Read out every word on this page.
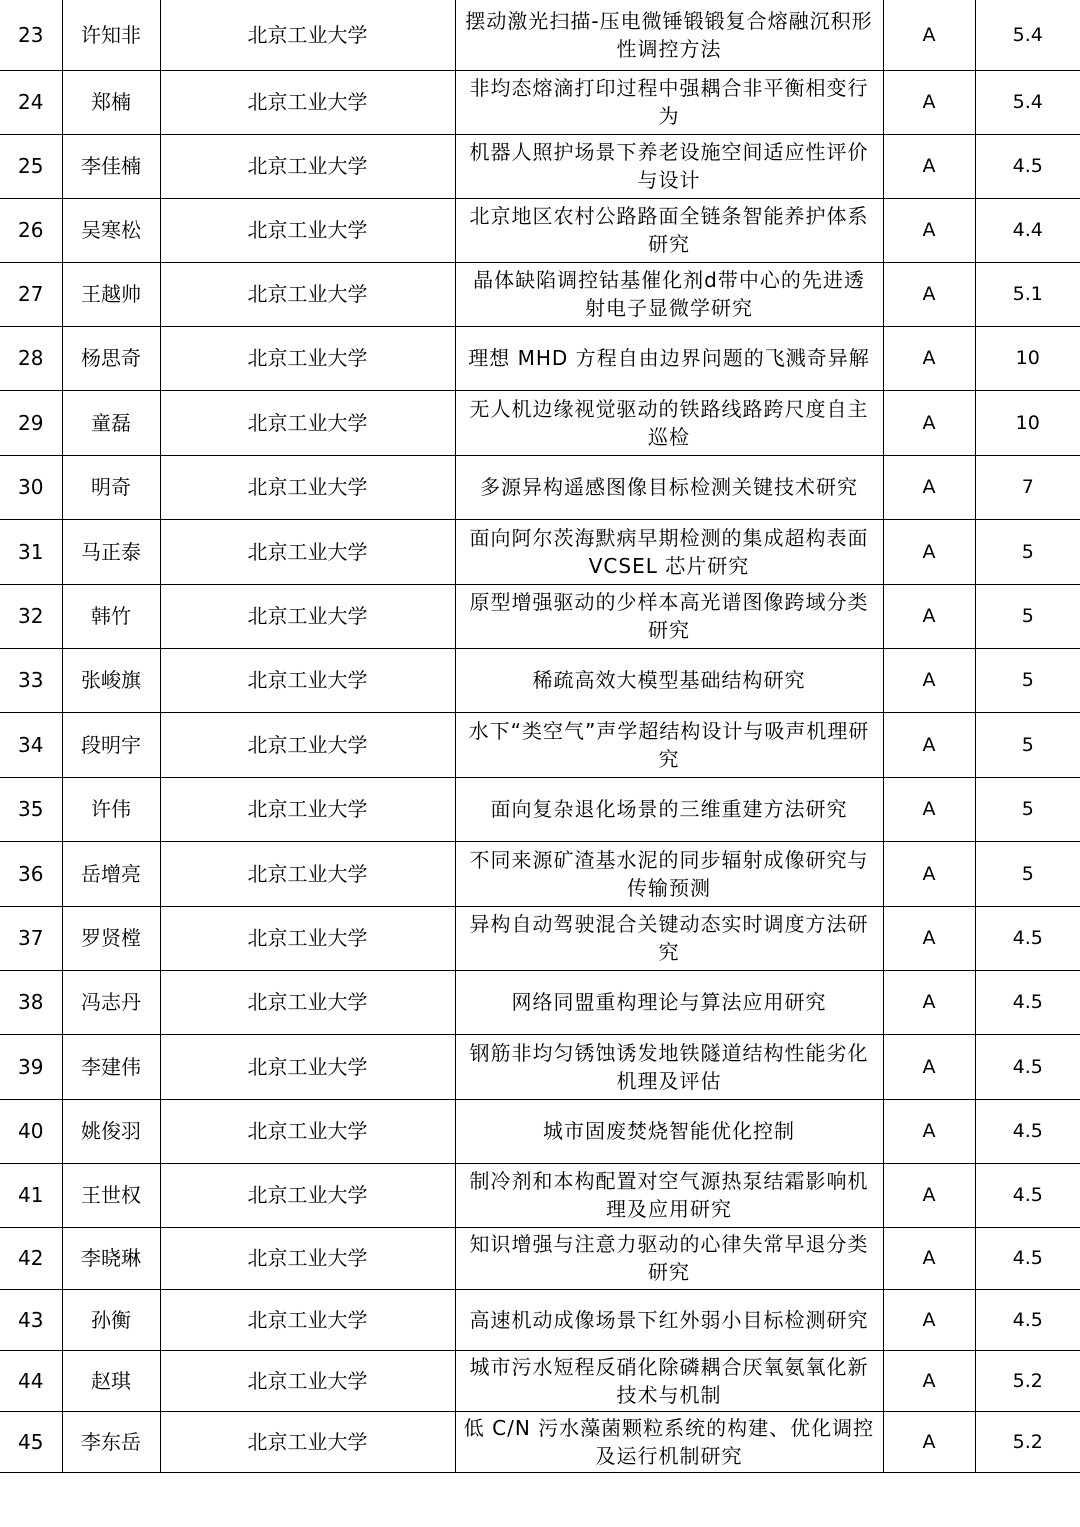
23	许知非	北京工业大学	摆动激光扫描-压电微锤锻锻复合熔融沉积形性调控方法	A	5.4
24	郑楠	北京工业大学	非均态熔滴打印过程中强耦合非平衡相变行为	A	5.4
25	李佳楠	北京工业大学	机器人照护场景下养老设施空间适应性评价与设计	A	4.5
26	吴寒松	北京工业大学	北京地区农村公路路面全链条智能养护体系研究	A	4.4
27	王越帅	北京工业大学	晶体缺陷调控钴基催化剂d带中心的先进透射电子显微学研究	A	5.1
28	杨思奇	北京工业大学	理想 MHD 方程自由边界问题的飞溅奇异解	A	10
29	童磊	北京工业大学	无人机边缘视觉驱动的铁路线路跨尺度自主巡检	A	10
30	明奇	北京工业大学	多源异构遥感图像目标检测关键技术研究	A	7
31	马正泰	北京工业大学	面向阿尔茨海默病早期检测的集成超构表面 VCSEL 芯片研究	A	5
32	韩竹	北京工业大学	原型增强驱动的少样本高光谱图像跨域分类研究	A	5
33	张峻旗	北京工业大学	稀疏高效大模型基础结构研究	A	5
34	段明宇	北京工业大学	水下“类空气”声学超结构设计与吸声机理研究	A	5
35	许伟	北京工业大学	面向复杂退化场景的三维重建方法研究	A	5
36	岳增亮	北京工业大学	不同来源矿渣基水泥的同步辐射成像研究与传输预测	A	5
37	罗贤樘	北京工业大学	异构自动驾驶混合关键动态实时调度方法研究	A	4.5
38	冯志丹	北京工业大学	网络同盟重构理论与算法应用研究	A	4.5
39	李建伟	北京工业大学	钢筋非均匀锈蚀诱发地铁隧道结构性能劣化机理及评估	A	4.5
40	姚俊羽	北京工业大学	城市固废焚烧智能优化控制	A	4.5
41	王世权	北京工业大学	制冷剂和本构配置对空气源热泵结霜影响机理及应用研究	A	4.5
42	李晓琳	北京工业大学	知识增强与注意力驱动的心律失常早退分类研究	A	4.5
43	孙衡	北京工业大学	高速机动成像场景下红外弱小目标检测研究	A	4.5
44	赵琪	北京工业大学	城市污水短程反硝化除磷耦合厌氧氨氧化新技术与机制	A	5.2
45	李东岳	北京工业大学	低 C/N 污水藻菌颗粒系统的构建、优化调控及运行机制研究	A	5.2
